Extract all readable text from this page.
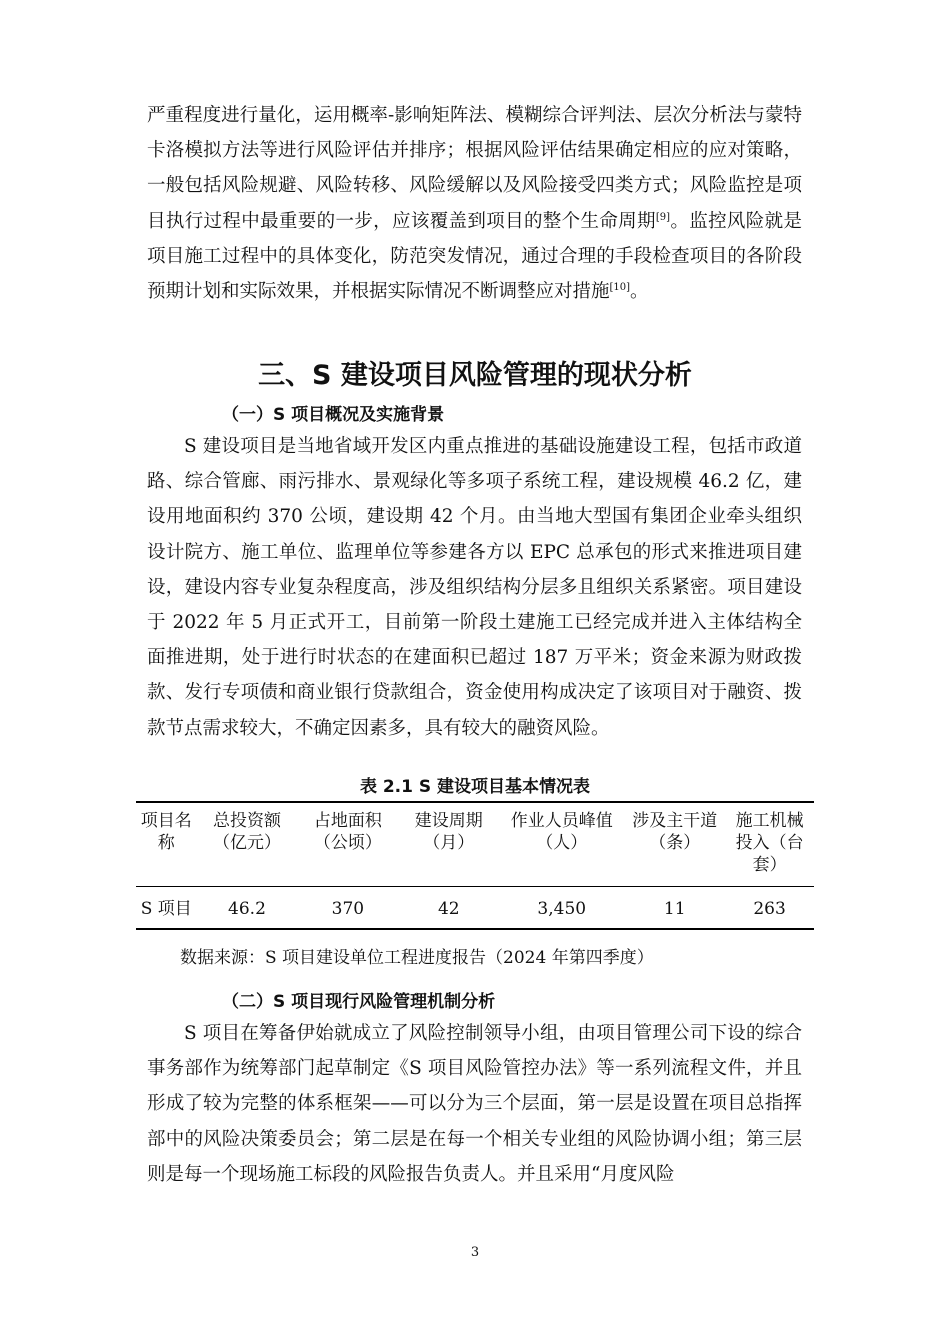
严重程度进行量化，运用概率-影响矩阵法、模糊综合评判法、层次分析法与蒙特卡洛模拟方法等进行风险评估并排序；根据风险评估结果确定相应的应对策略，一般包括风险规避、风险转移、风险缓解以及风险接受四类方式；风险监控是项目执行过程中最重要的一步，应该覆盖到项目的整个生命周期[9]。监控风险就是项目施工过程中的具体变化，防范突发情况，通过合理的手段检查项目的各阶段预期计划和实际效果，并根据实际情况不断调整应对措施[10]。

三、S 建设项目风险管理的现状分析
（一）S 项目概况及实施背景

S 建设项目是当地省域开发区内重点推进的基础设施建设工程，包括市政道路、综合管廊、雨污排水、景观绿化等多项子系统工程，建设规模 46.2 亿，建设用地面积约 370 公顷，建设期 42 个月。由当地大型国有集团企业牵头组织设计院方、施工单位、监理单位等参建各方以 EPC 总承包的形式来推进项目建设，建设内容专业复杂程度高，涉及组织结构分层多且组织关系紧密。项目建设于 2022 年 5 月正式开工，目前第一阶段土建施工已经完成并进入主体结构全面推进期，处于进行时状态的在建面积已超过 187 万平米；资金来源为财政拨款、发行专项债和商业银行贷款组合，资金使用构成决定了该项目对于融资、拨款节点需求较大，不确定因素多，具有较大的融资风险。

表 2.1 S 建设项目基本情况表

项目名称	总投资额（亿元）	占地面积（公顷）	建设周期（月）	作业人员峰值（人）	涉及主干道（条）	施工机械投入（台套）
S 项目	46.2	370	42	3,450	11	263

数据来源：S 项目建设单位工程进度报告（2024 年第四季度）

（二）S 项目现行风险管理机制分析

S 项目在筹备伊始就成立了风险控制领导小组，由项目管理公司下设的综合事务部作为统筹部门起草制定《S 项目风险管控办法》等一系列流程文件，并且形成了较为完整的体系框架——可以分为三个层面，第一层是设置在项目总指挥部中的风险决策委员会；第二层是在每一个相关专业组的风险协调小组；第三层则是每一个现场施工标段的风险报告负责人。并且采用“月度风险

3
